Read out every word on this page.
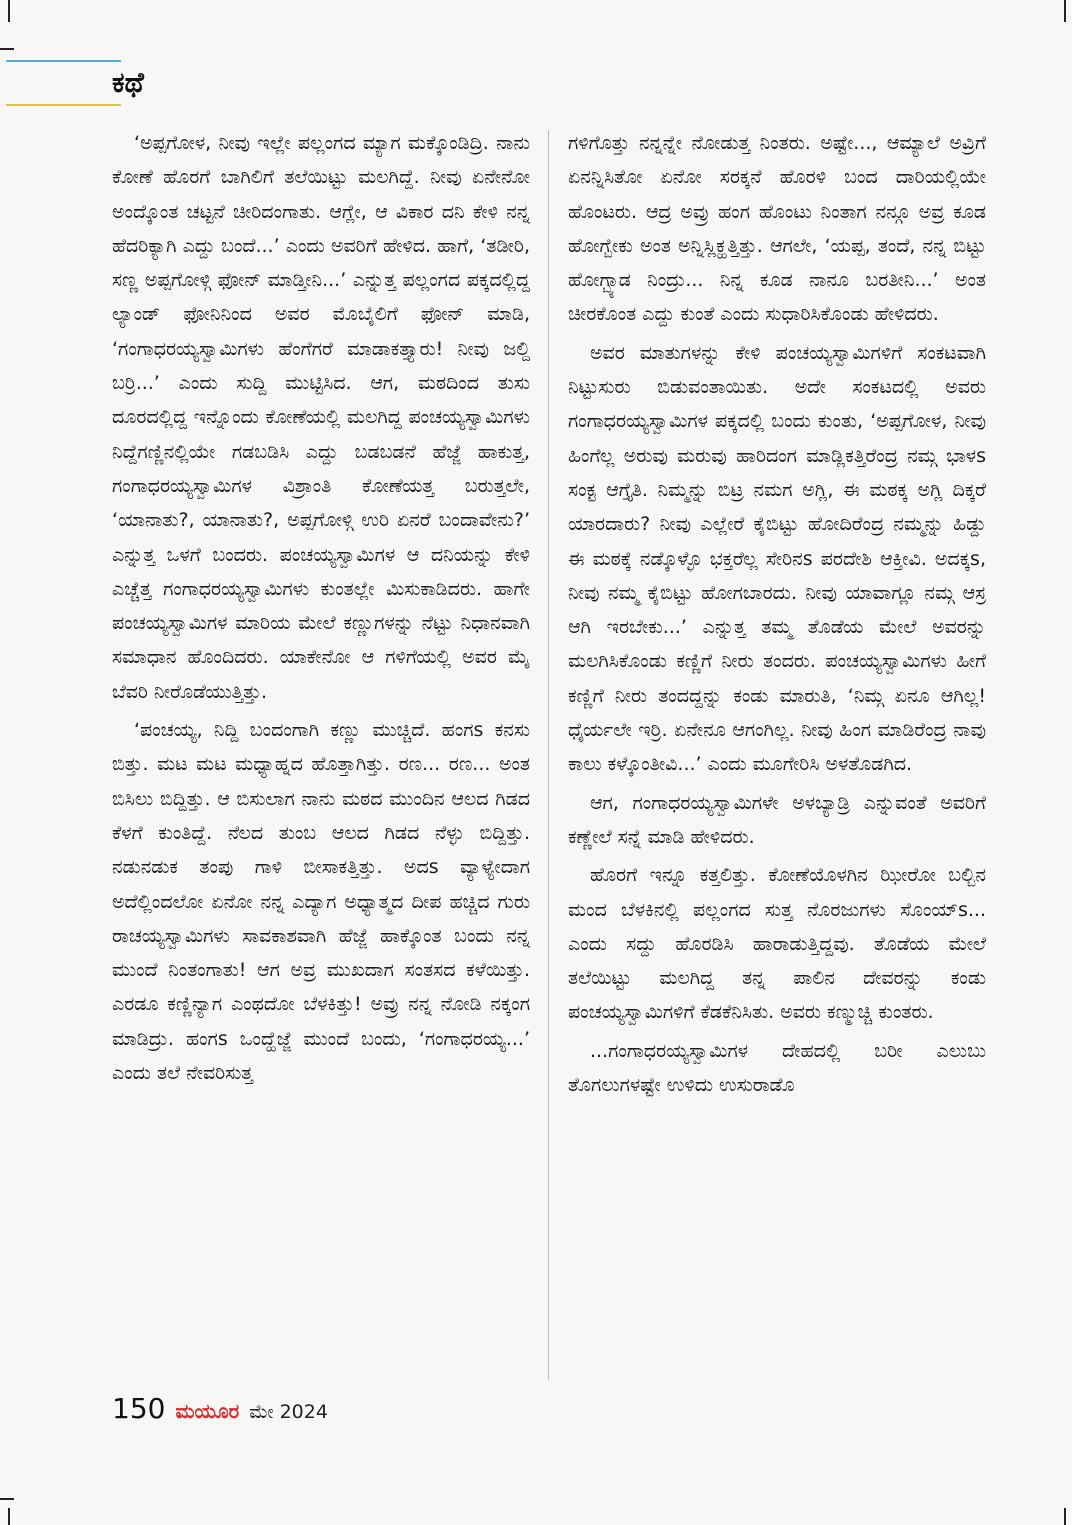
ಕಥೆ

‘ಅಪ್ಪಗೋಳ, ನೀವು ಇಲ್ಲೇ ಪಲ್ಲಂಗದ ಮ್ಯಾಗ ಮಕ್ಕೊಂಡಿದ್ರಿ. ನಾನು ಕೋಣೆ ಹೊರಗೆ ಬಾಗಿಲಿಗೆ ತಲೆಯಿಟ್ಟು ಮಲಗಿದ್ದೆ. ನೀವು ಏನೇನೋ ಅಂದ್ಕೊಂತ ಚಟ್ಟನೆ ಚೀರಿದಂಗಾತು. ಆಗ್ಲೇ, ಆ ವಿಕಾರ ದನಿ ಕೇಳಿ ನನ್ನ ಹೆದರಿಕ್ಯಾಗಿ ಎದ್ದು ಬಂದೆ...’ ಎಂದು ಅವರಿಗೆ ಹೇಳಿದ. ಹಾಗೆ, ‘ತಡೀರಿ, ಸಣ್ಣ ಅಪ್ಪಗೋಳ್ಗಿ ಫೋನ್ ಮಾಡ್ತೀನಿ...’ ಎನ್ನುತ್ತ ಪಲ್ಲಂಗದ ಪಕ್ಕದಲ್ಲಿದ್ದ ಲ್ಯಾಂಡ್ ಫೋನಿನಿಂದ ಅವರ ಮೊಬೈಲಿಗೆ ಫೋನ್ ಮಾಡಿ, ‘ಗಂಗಾಧರಯ್ಯಸ್ವಾಮಿಗಳು ಹೆಂಗೆಗರೆ ಮಾಡಾಕತ್ತ್ಯಾರು! ನೀವು ಜಲ್ದಿ ಬರ್ರಿ...’ ಎಂದು ಸುದ್ದಿ ಮುಟ್ಟಿಸಿದ. ಆಗ, ಮಠದಿಂದ ತುಸು ದೂರದಲ್ಲಿದ್ದ ಇನ್ನೊಂದು ಕೋಣೆಯಲ್ಲಿ ಮಲಗಿದ್ದ ಪಂಚಯ್ಯಸ್ವಾಮಿಗಳು ನಿದ್ದೆಗಣ್ಣಿನಲ್ಲಿಯೇ ಗಡಬಡಿಸಿ ಎದ್ದು ಬಡಬಡನೆ ಹೆಜ್ಜೆ ಹಾಕುತ್ತ, ಗಂಗಾಧರಯ್ಯಸ್ವಾಮಿಗಳ ವಿಶ್ರಾಂತಿ ಕೋಣೆಯತ್ತ ಬರುತ್ತಲೇ, ‘ಯಾನಾತು?, ಯಾನಾತು?, ಅಪ್ಪಗೋಳ್ಗಿ ಉರಿ ಏನರೆ ಬಂದಾವೇನು?’ ಎನ್ನುತ್ತ ಒಳಗೆ ಬಂದರು. ಪಂಚಯ್ಯಸ್ವಾಮಿಗಳ ಆ ದನಿಯನ್ನು ಕೇಳಿ ಎಚ್ಚೆತ್ತ ಗಂಗಾಧರಯ್ಯಸ್ವಾಮಿಗಳು ಕುಂತಲ್ಲೇ ಮಿಸುಕಾಡಿದರು. ಹಾಗೇ ಪಂಚಯ್ಯಸ್ವಾಮಿಗಳ ಮಾರಿಯ ಮೇಲೆ ಕಣ್ಣುಗಳನ್ನು ನೆಟ್ಟು ನಿಧಾನವಾಗಿ ಸಮಾಧಾನ ಹೊಂದಿದರು. ಯಾಕೇನೋ ಆ ಗಳಿಗೆಯಲ್ಲಿ ಅವರ ಮೈ ಬೆವರಿ ನೀರೊಡೆಯುತ್ತಿತ್ತು.

‘ಪಂಚಯ್ಯ, ನಿದ್ದಿ ಬಂದಂಗಾಗಿ ಕಣ್ಣು ಮುಚ್ಚಿದೆ. ಹಂಗs ಕನಸು ಬಿತ್ತು. ಮಟ ಮಟ ಮಧ್ಯಾಹ್ನದ ಹೊತ್ತಾಗಿತ್ತು. ರಣ... ರಣ... ಅಂತ ಬಿಸಿಲು ಬಿದ್ದಿತ್ತು. ಆ ಬಿಸುಲಾಗ ನಾನು ಮಠದ ಮುಂದಿನ ಆಲದ ಗಿಡದ ಕೆಳಗೆ ಕುಂತಿದ್ದೆ. ನೆಲದ ತುಂಬ ಆಲದ ಗಿಡದ ನೆಳ್ಳು ಬಿದ್ದಿತ್ತು. ನಡುನಡುಕ ತಂಪು ಗಾಳಿ ಬೀಸಾಕತ್ತಿತ್ತು. ಅದs ವ್ಯಾಳ್ಯೇದಾಗ ಅದೆಲ್ಲಿಂದಲೋ ಏನೋ ನನ್ನ ಎದ್ಯಾಗ ಅಧ್ಯಾತ್ಮದ ದೀಪ ಹಚ್ಚಿದ ಗುರು ರಾಚಯ್ಯಸ್ವಾಮಿಗಳು ಸಾವಕಾಶವಾಗಿ ಹೆಜ್ಜೆ ಹಾಕ್ಕೊಂತ ಬಂದು ನನ್ನ ಮುಂದೆ ನಿಂತಂಗಾತು! ಆಗ ಅವ್ರ ಮುಖದಾಗ ಸಂತಸದ ಕಳೆಯಿತ್ತು. ಎರಡೂ ಕಣ್ಣಿನ್ಯಾಗ ಎಂಥದೋ ಬೆಳಕಿತ್ತು! ಅವ್ರು ನನ್ನ ನೋಡಿ ನಕ್ಕಂಗ ಮಾಡಿದ್ರು. ಹಂಗs ಒಂದ್ಹೆಜ್ಜೆ ಮುಂದೆ ಬಂದು, ‘ಗಂಗಾಧರಯ್ಯ...’ ಎಂದು ತಲೆ ನೇವರಿಸುತ್ತ

ಗಳಿಗೊತ್ತು ನನ್ನನ್ನೇ ನೋಡುತ್ತ ನಿಂತರು. ಅಷ್ಟೇ..., ಆಮ್ಯಾಲೆ ಅವ್ರಿಗೆ ಏನನ್ನಿಸಿತೋ ಏನೋ ಸರಕ್ಕನೆ ಹೊರಳಿ ಬಂದ ದಾರಿಯಲ್ಲಿಯೇ ಹೊಂಟರು. ಆದ್ರ ಅವ್ರು ಹಂಗ ಹೊಂಟು ನಿಂತಾಗ ನನ್ಗೂ ಅವ್ರ ಕೂಡ ಹೋಗ್ಬೇಕು ಅಂತ ಅನ್ನಿಸ್ಲಿಕ್ಹತ್ತಿತ್ತು. ಆಗಲೇ, ‘ಯಪ್ಪ, ತಂದೆ, ನನ್ನ ಬಿಟ್ಟು ಹೋಗ್ಬ್ಯಾಡ ನಿಂದ್ರು... ನಿನ್ನ ಕೂಡ ನಾನೂ ಬರತೀನಿ...’ ಅಂತ ಚೀರಕೊಂತ ಎದ್ದು ಕುಂತೆ ಎಂದು ಸುಧಾರಿಸಿಕೊಂಡು ಹೇಳಿದರು.

ಅವರ ಮಾತುಗಳನ್ನು ಕೇಳಿ ಪಂಚಯ್ಯಸ್ವಾಮಿಗಳಿಗೆ ಸಂಕಟವಾಗಿ ನಿಟ್ಟುಸುರು ಬಿಡುವಂತಾಯಿತು. ಅದೇ ಸಂಕಟದಲ್ಲಿ ಅವರು ಗಂಗಾಧರಯ್ಯಸ್ವಾಮಿಗಳ ಪಕ್ಕದಲ್ಲಿ ಬಂದು ಕುಂತು, ‘ಅಪ್ಪಗೋಳ, ನೀವು ಹಿಂಗೆಲ್ಲ ಅರುವು ಮರುವು ಹಾರಿದಂಗ ಮಾಡ್ಲಿಕತ್ತಿರೆಂದ್ರ ನಮ್ಗ ಭಾಳs ಸಂಕ್ಟ ಆಗ್ತೈತಿ. ನಿಮ್ಮನ್ನು ಬಿಟ್ರ ನಮಗ ಅಗ್ಲಿ, ಈ ಮಠಕ್ಕ ಅಗ್ಲಿ ದಿಕ್ಕರೆ ಯಾರದಾರು? ನೀವು ಎಲ್ಲೇರೆ ಕೈಬಿಟ್ಟು ಹೋದಿರೆಂದ್ರ ನಮ್ಮನ್ನು ಹಿಡ್ದು ಈ ಮಠಕ್ಕೆ ನಡ್ಕೊಳ್ಳೊ ಭಕ್ತರೆಲ್ಲ ಸೇರಿನs ಪರದೇಶಿ ಆಕ್ತೀವಿ. ಅದಕ್ಕs, ನೀವು ನಮ್ಮ ಕೈಬಿಟ್ಟು ಹೋಗಬಾರದು. ನೀವು ಯಾವಾಗ್ಲೂ ನಮ್ಗ ಆಸ್ರ ಆಗಿ ಇರಬೇಕು...’ ಎನ್ನುತ್ತ ತಮ್ಮ ತೊಡೆಯ ಮೇಲೆ ಅವರನ್ನು ಮಲಗಿಸಿಕೊಂಡು ಕಣ್ಣಿಗೆ ನೀರು ತಂದರು. ಪಂಚಯ್ಯಸ್ವಾಮಿಗಳು ಹೀಗೆ ಕಣ್ಣಿಗೆ ನೀರು ತಂದದ್ದನ್ನು ಕಂಡು ಮಾರುತಿ, ‘ನಿಮ್ಗ ಏನೂ ಆಗಿಲ್ಲ! ಧೈರ್ಯಲೇ ಇರ್ರಿ. ಏನೇನೂ ಆಗಂಗಿಲ್ಲ. ನೀವು ಹಿಂಗ ಮಾಡಿರೆಂದ್ರ ನಾವು ಕಾಲು ಕಳ್ಕೊಂತೀವಿ...’ ಎಂದು ಮೂಗೇರಿಸಿ ಅಳತೊಡಗಿದ.

ಆಗ, ಗಂಗಾಧರಯ್ಯಸ್ವಾಮಿಗಳೇ ಅಳಬ್ಯಾಡ್ರಿ ಎನ್ನುವಂತೆ ಅವರಿಗೆ ಕಣ್ಣೇಲೆ ಸನ್ನೆ ಮಾಡಿ ಹೇಳಿದರು.

ಹೊರಗೆ ಇನ್ನೂ ಕತ್ತಲಿತ್ತು. ಕೋಣೆಯೊಳಗಿನ ಝೀರೋ ಬಲ್ಬಿನ ಮಂದ ಬೆಳಕಿನಲ್ಲಿ ಪಲ್ಲಂಗದ ಸುತ್ತ ನೊರಜುಗಳು ಸೊಂಯ್s... ಎಂದು ಸದ್ದು ಹೊರಡಿಸಿ ಹಾರಾಡುತ್ತಿದ್ದವು. ತೊಡೆಯ ಮೇಲೆ ತಲೆಯಿಟ್ಟು ಮಲಗಿದ್ದ ತನ್ನ ಪಾಲಿನ ದೇವರನ್ನು ಕಂಡು ಪಂಚಯ್ಯಸ್ವಾಮಿಗಳಿಗೆ ಕೆಡಕೆನಿಸಿತು. ಅವರು ಕಣ್ಮುಚ್ಚಿ ಕುಂತರು.

...ಗಂಗಾಧರಯ್ಯಸ್ವಾಮಿಗಳ ದೇಹದಲ್ಲಿ ಬರೀ ಎಲುಬು ತೊಗಲುಗಳಷ್ಟೇ ಉಳಿದು ಉಸುರಾಡೊ

150 ಮಯೂರ ಮೇ 2024
